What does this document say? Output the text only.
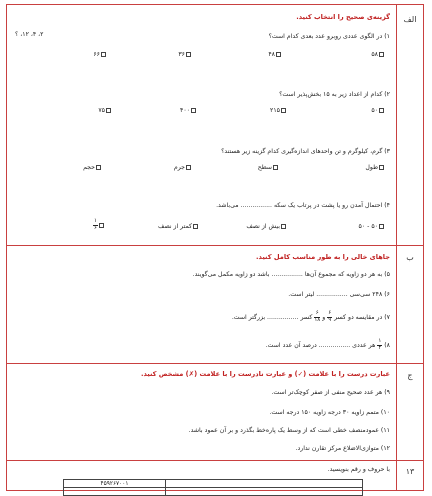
الف
ب
ج
۱۳
گزینه‌ی صحیح را انتخاب کنید.
۱) در الگوی عددی روبرو عدد بعدی کدام است؟
۲، ۴، ۱۲، ؟
۵۸
۴۸
۳۶
۶۶
۲) کدام از اعداد زیر به ۱۵ بخش‌پذیر است؟
۵۰
۲۱۵
۴۰۰
۷۵
۳) گرم، کیلوگرم و تن واحدهای اندازه‌گیری کدام گزینه زیر هستند؟
طول
سطح
جرم
حجم
۴) احتمال آمدن رو یا پشت در پرتاب یک سکه ................ می‌باشد.
۵۰ - ۵۰
بیش از نصف
کمتر از نصف
$\frac{۱}{۶}$
جاهای خالی را به طور مناسب کامل کنید.
۵) به هر دو زاویه که مجموع آن‌ها ................ باشد دو زاویه مکمل می‌گویند.
۶) ۲۴۸ سی‌سی ................ لیتر است.
۷) در مقایسه دو کسر
$\frac{۶}{۹}$
و
$\frac{۶}{۱۸}$
کسر ................ بزرگتر است.
۸)
$\frac{۱}{۴}$
هر عددی ................ درصد آن عدد است.
عبارت درست را با علامت (✓) و عبارت نادرست را با علامت (✗) مشخص کنید.
۹) هر عدد صحیح منفی از صفر کوچک‌تر است.
۱۰) متمم زاویه ۳۰ درجه زاویه ۱۵۰ درجه است.
۱۱) عمودمنصف خطی است که از وسط یک پاره‌خط بگذرد و بر آن عمود باشد.
۱۲) متوازی‌الاضلاع مرکز تقارن ندارد.
با حروف و رقم بنویسید.
۴۵۹۲۶۷۰۰۱	
